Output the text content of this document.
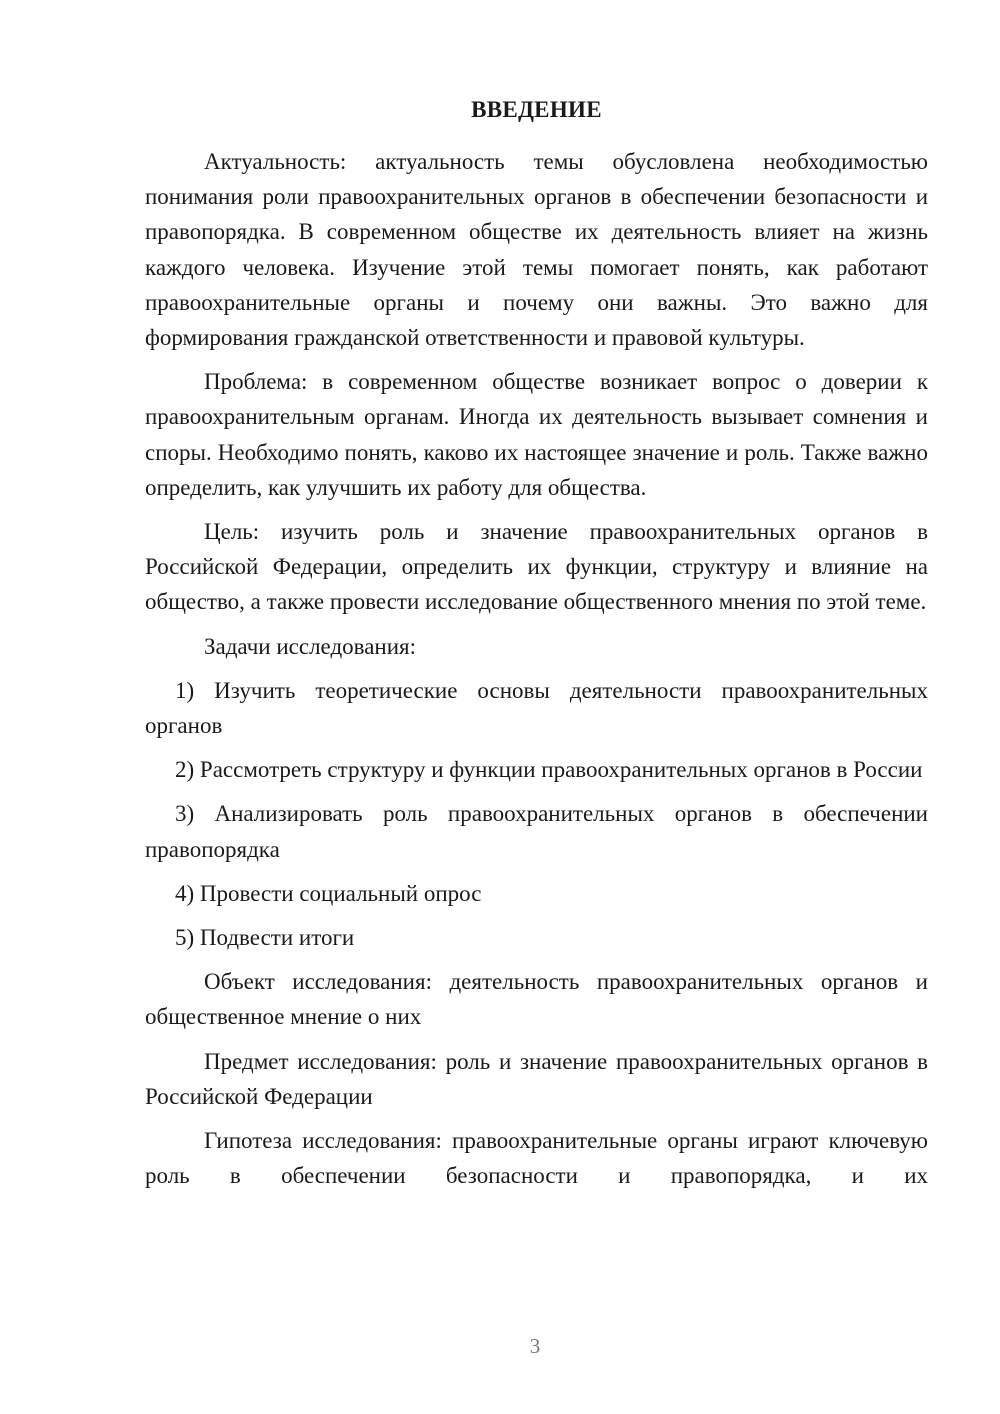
ВВЕДЕНИЕ

Актуальность: актуальность темы обусловлена необходимостью понимания роли правоохранительных органов в обеспечении безопасности и правопорядка. В современном обществе их деятельность влияет на жизнь каждого человека. Изучение этой темы помогает понять, как работают правоохранительные органы и почему они важны. Это важно для формирования гражданской ответственности и правовой культуры.

Проблема: в современном обществе возникает вопрос о доверии к правоохранительным органам. Иногда их деятельность вызывает сомнения и споры. Необходимо понять, каково их настоящее значение и роль. Также важно определить, как улучшить их работу для общества.

Цель: изучить роль и значение правоохранительных органов в Российской Федерации, определить их функции, структуру и влияние на общество, а также провести исследование общественного мнения по этой теме.

Задачи исследования:

1) Изучить теоретические основы деятельности правоохранительных органов

2) Рассмотреть структуру и функции правоохранительных органов в России

3) Анализировать роль правоохранительных органов в обеспечении правопорядка

4) Провести социальный опрос

5) Подвести итоги

Объект исследования: деятельность правоохранительных органов и общественное мнение о них

Предмет исследования: роль и значение правоохранительных органов в Российской Федерации

Гипотеза исследования: правоохранительные органы играют ключевую роль в обеспечении безопасности и правопорядка, и их

3
